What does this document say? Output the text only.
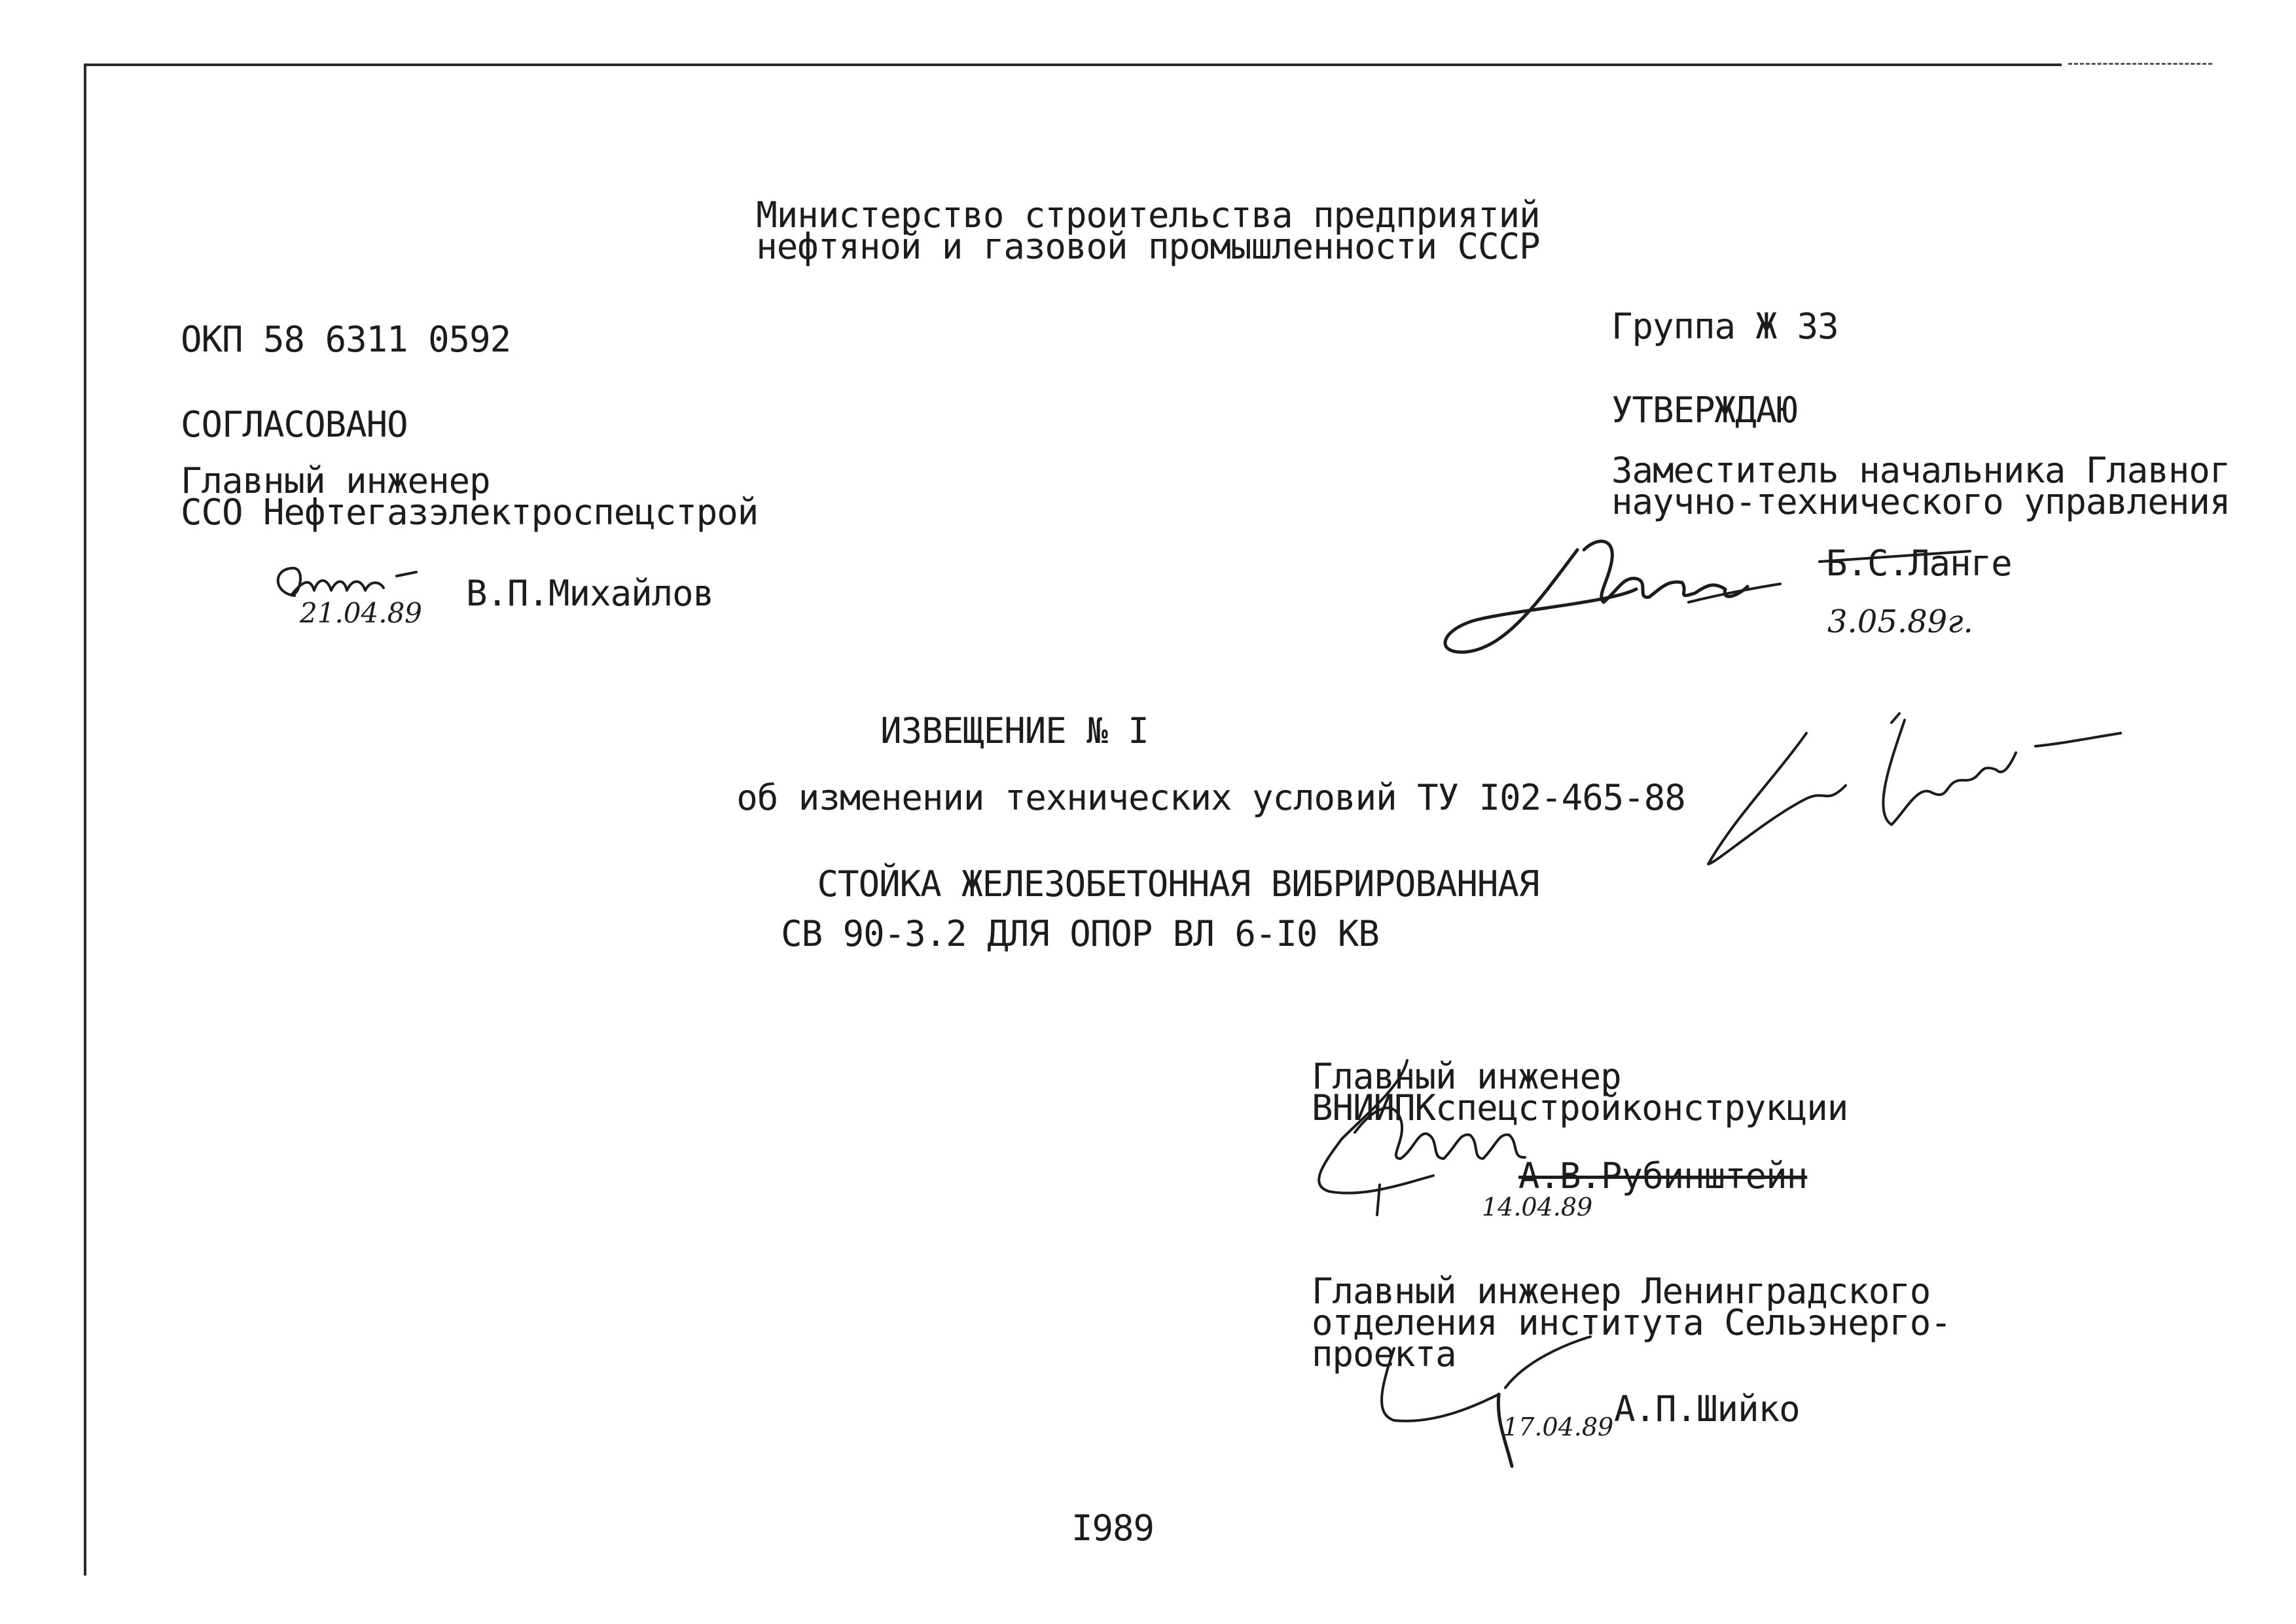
Министерство строительства предприятий
нефтяной и газовой промышленности СССР
ОКП 58 6311 0592	Группа Ж 33
СОГЛАСОВАНО
Главный инженер
ССО Нефтегазэлектроспецстрой
21.04.89 В.П.Михайлов
УТВЕРЖДАЮ
Заместитель начальника Главног
научно-технического управления
Б.С.Ланге
3.05.89г.
ИЗВЕЩЕНИЕ № I
об изменении технических условий ТУ I02-465-88
СТОЙКА ЖЕЛЕЗОБЕТОННАЯ ВИБРИРОВАННАЯ
СВ 90-3.2 ДЛЯ ОПОР ВЛ 6-I0 КВ
Главный инженер
ВНИИПКспецстройконструкции
14.04.89
А.В.Рубинштейн
Главный инженер Ленинградского
отделения института Сельэнерго-
проекта
17.04.89 А.П.Шийко
I989
